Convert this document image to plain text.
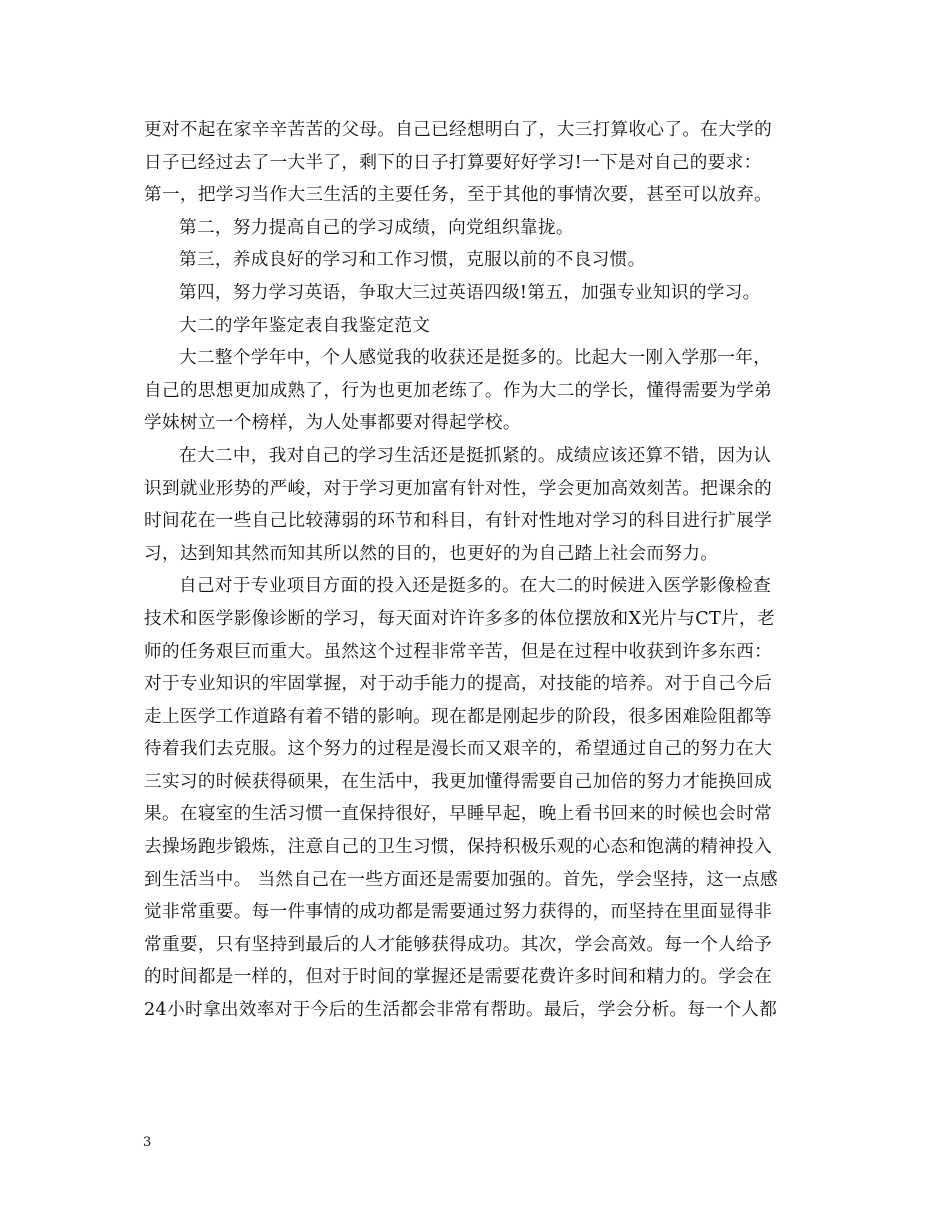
更对不起在家辛辛苦苦的父母。自己已经想明白了，大三打算收心了。在大学的
日子已经过去了一大半了，剩下的日子打算要好好学习!一下是对自己的要求：
第一，把学习当作大三生活的主要任务，至于其他的事情次要，甚至可以放弃。
第二，努力提高自己的学习成绩，向党组织靠拢。
第三，养成良好的学习和工作习惯，克服以前的不良习惯。
第四，努力学习英语，争取大三过英语四级!第五，加强专业知识的学习。
大二的学年鉴定表自我鉴定范文
大二整个学年中，个人感觉我的收获还是挺多的。比起大一刚入学那一年，
自己的思想更加成熟了，行为也更加老练了。作为大二的学长，懂得需要为学弟
学妹树立一个榜样，为人处事都要对得起学校。
在大二中，我对自己的学习生活还是挺抓紧的。成绩应该还算不错，因为认
识到就业形势的严峻，对于学习更加富有针对性，学会更加高效刻苦。把课余的
时间花在一些自己比较薄弱的环节和科目，有针对性地对学习的科目进行扩展学
习，达到知其然而知其所以然的目的，也更好的为自己踏上社会而努力。
自己对于专业项目方面的投入还是挺多的。在大二的时候进入医学影像检查
技术和医学影像诊断的学习，每天面对许许多多的体位摆放和X光片与CT片，老
师的任务艰巨而重大。虽然这个过程非常辛苦，但是在过程中收获到许多东西：
对于专业知识的牢固掌握，对于动手能力的提高，对技能的培养。对于自己今后
走上医学工作道路有着不错的影响。现在都是刚起步的阶段，很多困难险阻都等
待着我们去克服。这个努力的过程是漫长而又艰辛的，希望通过自己的努力在大
三实习的时候获得硕果，在生活中，我更加懂得需要自己加倍的努力才能换回成
果。在寝室的生活习惯一直保持很好，早睡早起，晚上看书回来的时候也会时常
去操场跑步锻炼，注意自己的卫生习惯，保持积极乐观的心态和饱满的精神投入
到生活当中。 当然自己在一些方面还是需要加强的。首先，学会坚持，这一点感
觉非常重要。每一件事情的成功都是需要通过努力获得的，而坚持在里面显得非
常重要，只有坚持到最后的人才能够获得成功。其次，学会高效。每一个人给予
的时间都是一样的，但对于时间的掌握还是需要花费许多时间和精力的。学会在
24小时拿出效率对于今后的生活都会非常有帮助。最后，学会分析。每一个人都
3
